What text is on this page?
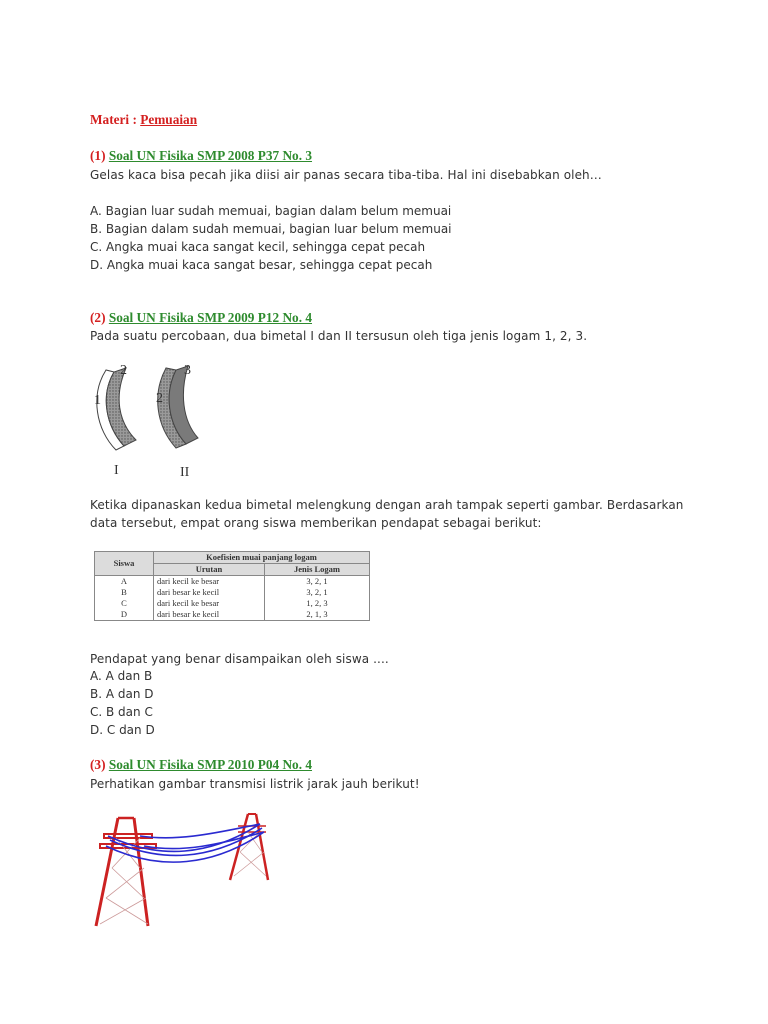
Materi : Pemuaian
(1) Soal UN Fisika SMP 2008 P37 No. 3
Gelas kaca bisa pecah jika diisi air panas secara tiba-tiba. Hal ini disebabkan oleh…
A. Bagian luar sudah memuai, bagian dalam belum memuai
B. Bagian dalam sudah memuai, bagian luar belum memuai
C. Angka muai kaca sangat kecil, sehingga cepat pecah
D. Angka muai kaca sangat besar, sehingga cepat pecah
(2) Soal UN Fisika SMP 2009 P12 No. 4
Pada suatu percobaan, dua bimetal I dan II tersusun oleh tiga jenis logam 1, 2, 3.
1
2
2
3
I	II
Ketika dipanaskan kedua bimetal melengkung dengan arah tampak seperti gambar. Berdasarkan
data tersebut, empat orang siswa memberikan pendapat sebagai berikut:
Siswa	Koefisien muai panjang logam	
	Urutan	Jenis Logam
A	dari kecil ke besar	3, 2, 1
B	dari besar ke kecil	3, 2, 1
C	dari kecil ke besar	1, 2, 3
D	dari besar ke kecil	2, 1, 3
Pendapat yang benar disampaikan oleh siswa ....
A. A dan B
B. A dan D
C. B dan C
D. C dan D
(3) Soal UN Fisika SMP 2010 P04 No. 4
Perhatikan gambar transmisi listrik jarak jauh berikut!
